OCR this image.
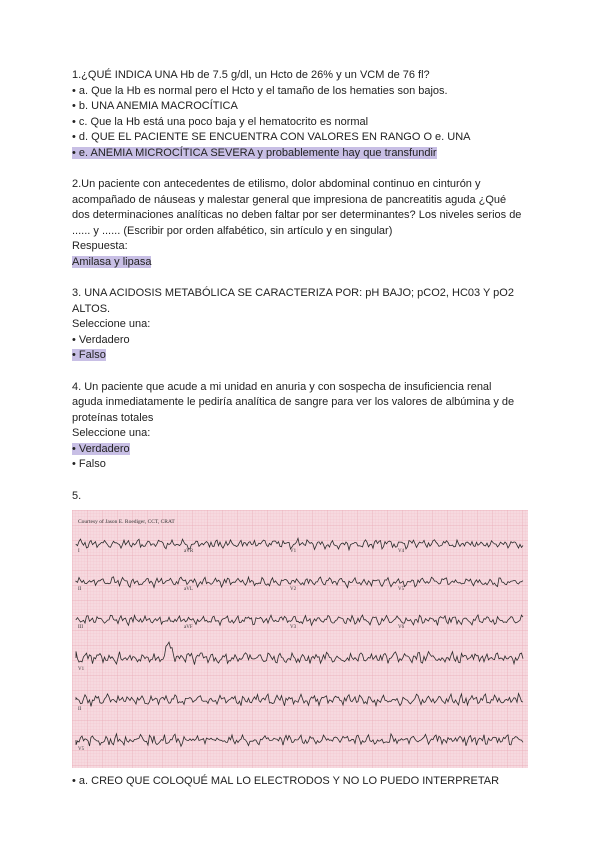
1.¿QUÉ INDICA UNA Hb de 7.5 g/dl, un Hcto de 26% y un VCM de 76 fl?
• a. Que la Hb es normal pero el Hcto y el tamaño de los hematies son bajos.
• b. UNA ANEMIA MACROCÍTICA
• c. Que la Hb está una poco baja y el hematocrito es normal
• d. QUE EL PACIENTE SE ENCUENTRA CON VALORES EN RANGO O e. UNA
• e. ANEMIA MICROCÍTICA SEVERA y probablemente hay que transfundir
2.Un paciente con antecedentes de etilismo, dolor abdominal continuo en cinturón y
acompañado de náuseas y malestar general que impresiona de pancreatitis aguda ¿Qué
dos determinaciones analíticas no deben faltar por ser determinantes? Los niveles serios de
...... y ...... (Escribir por orden alfabético, sin artículo y en singular)
Respuesta:
Amilasa y lipasa
3. UNA ACIDOSIS METABÓLICA SE CARACTERIZA POR: pH BAJO; pCO2, HC03 Y pO2
ALTOS.
Seleccione una:
• Verdadero
• Falso
4. Un paciente que acude a mi unidad en anuria y con sospecha de insuficiencia renal
aguda inmediatamente le pediría analítica de sangre para ver los valores de albúmina y de
proteínas totales
Seleccione una:
• Verdadero
• Falso
5.
Courtesy of Jason E. Roediger, CCT, CRAT
I	aVR	V1	V4
II	aVL	V2	V5
III	aVF	V3	V6
V1
II
V5
• a. CREO QUE COLOQUÉ MAL LO ELECTRODOS Y NO LO PUEDO INTERPRETAR
